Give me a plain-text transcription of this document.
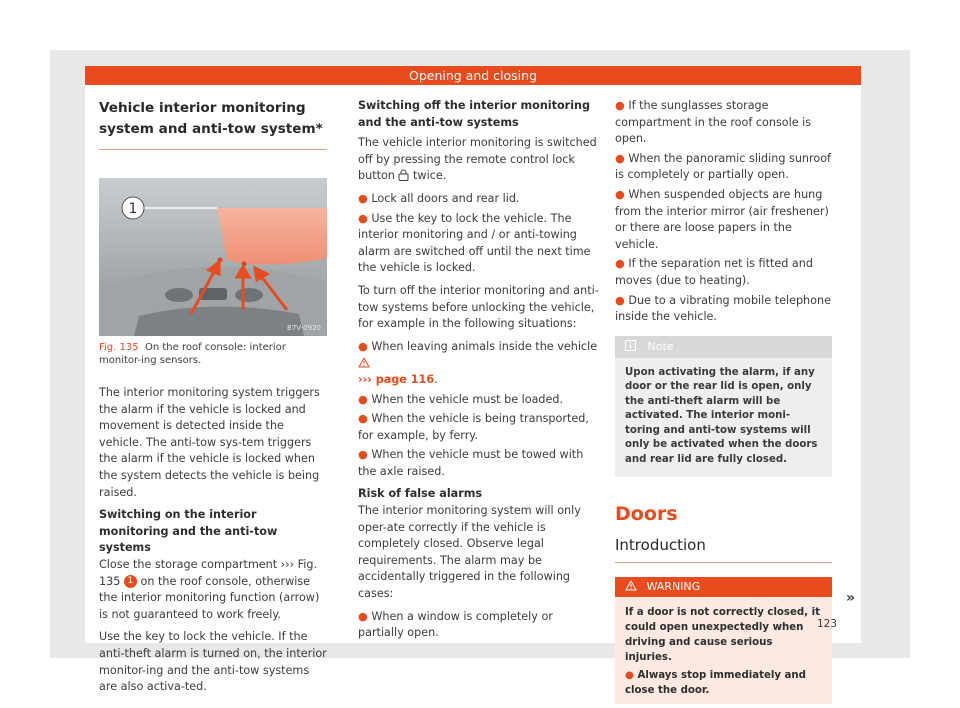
Opening and closing
Vehicle interior monitoring system and anti-tow system*
1
B7V-0920
Fig. 135 On the roof console: interior monitor-ing sensors.

The interior monitoring system triggers the alarm if the vehicle is locked and movement is detected inside the vehicle. The anti-tow sys-tem triggers the alarm if the vehicle is locked when the system detects the vehicle is being raised.

Switching on the interior monitoring and the anti-tow systems

Close the storage compartment ››› Fig. 135 1 on the roof console, otherwise the interior monitoring function (arrow) is not guaranteed to work freely.

Use the key to lock the vehicle. If the anti-theft alarm is turned on, the interior monitor-ing and the anti-tow systems are also activa-ted.

Switching off the interior monitoring and the anti-tow systems

The vehicle interior monitoring is switched off by pressing the remote control lock button twice.

● Lock all doors and rear lid.
● Use the key to lock the vehicle. The interior monitoring and / or anti-towing alarm are switched off until the next time the vehicle is locked.

To turn off the interior monitoring and anti-tow systems before unlocking the vehicle, for example in the following situations:

● When leaving animals inside the vehicle
››› page 116.
● When the vehicle must be loaded.
● When the vehicle is being transported, for example, by ferry.
● When the vehicle must be towed with the axle raised.
Risk of false alarms

The interior monitoring system will only oper-ate correctly if the vehicle is completely closed. Observe legal requirements. The alarm may be accidentally triggered in the following cases:

● When a window is completely or partially open.
● If the sunglasses storage compartment in the roof console is open.
● When the panoramic sliding sunroof is completely or partially open.
● When suspended objects are hung from the interior mirror (air freshener) or there are loose papers in the vehicle.
● If the separation net is fitted and moves (due to heating).
● Due to a vibrating mobile telephone inside the vehicle.
Note
Upon activating the alarm, if any door or the rear lid is open, only the anti-theft alarm will be activated. The interior moni-toring and anti-tow systems will only be activated when the doors and rear lid are fully closed.
Doors
Introduction
WARNING
If a door is not correctly closed, it could open unexpectedly when driving and cause serious injuries.
● Always stop immediately and close the door.
»
123
